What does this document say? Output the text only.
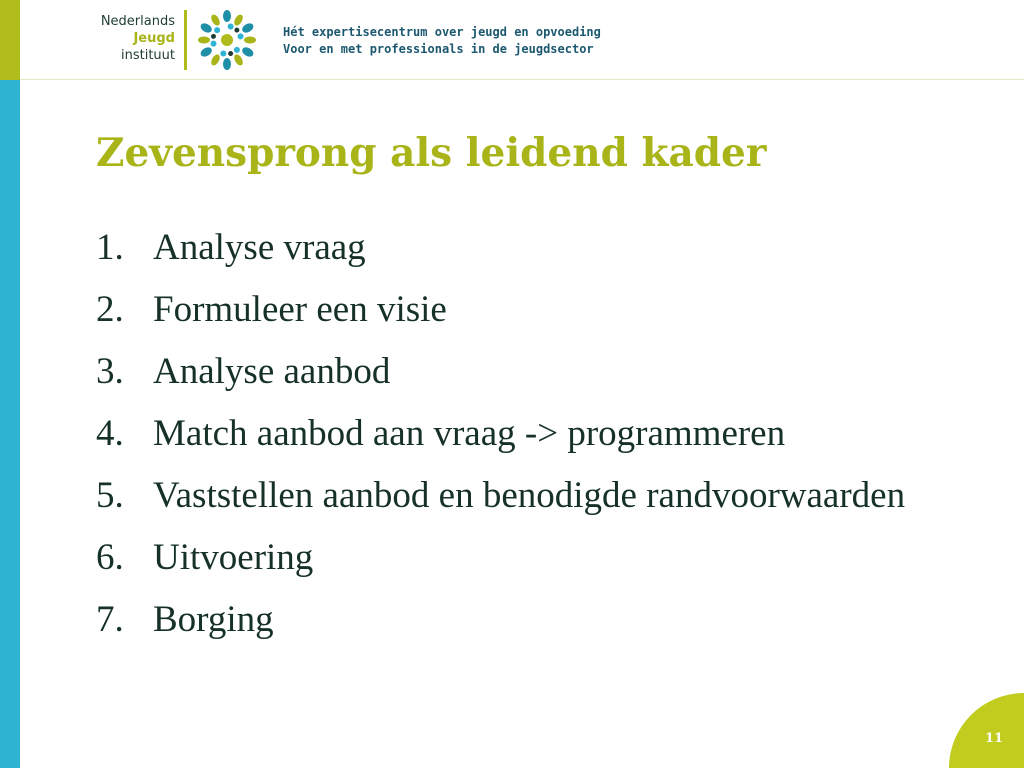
Nederlands
Jeugd
instituut
Hét expertisecentrum over jeugd en opvoeding
Voor en met professionals in de jeugdsector
Zevensprong als leidend kader
1. Analyse vraag
2. Formuleer een visie
3. Analyse aanbod
4. Match aanbod aan vraag -> programmeren
5. Vaststellen aanbod en benodigde randvoorwaarden
6. Uitvoering
7. Borging
11
